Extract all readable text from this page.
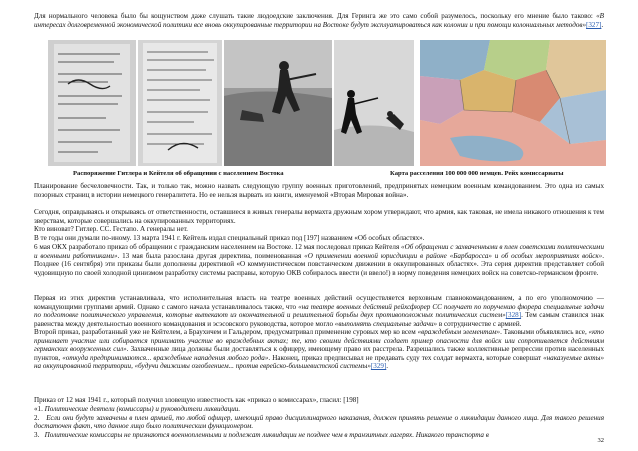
Для нормального человека было бы кощунством даже слушать такие людоедские заключения. Для Геринга же это само собой разумелось, поскольку его мнение было таково: «В интересах долговременной экономической политики все вновь оккупированные территории на Востоке будут эксплуатироваться как колонии и при помощи колониальных методов»[327].

Распоряжение Гитлера и Кейтеля об обращении с населением Востока	Карта расселения 100 000 000 немцев. Рейх комиссариаты

Планирование бесчеловечности. Так, и только так, можно назвать следующую группу военных приготовлений, предпринятых немецким военным командованием. Это одна из самых позорных страниц в истории немецкого генералитета. Но ее нельзя вырвать из книги, именуемой «Вторая Мировая война».

Сегодня, оправдываясь и открываясь от ответственности, оставшиеся в живых генералы вермахта дружным хором утверждают, что армия, как таковая, не имела никакого отношения к тем зверствам, которые совершались на оккупированных территориях.

Кто виноват? Гитлер. СС. Гестапо. А генералы нет.

В те годы они думали по-иному. 13 марта 1941 г. Кейтель издал специальный приказ под [197] названием «Об особых областях».

6 мая ОКХ разработало приказ об обращении с гражданским населением на Востоке. 12 мая последовал приказ Кейтеля «Об обращении с захваченными в плен советскими политическими и военными работниками». 13 мая была разослана другая директива, поименованная «О применении военной юрисдикции в районе «Барбаросса» и об особых мероприятиях войск». Позднее (16 сентября) эти приказы были дополнены директивой «О коммунистическом повстанческом движении в оккупированных областях». Эта серия директив представляет собой чудовищную по своей холодной цинизмом разработку системы расправы, которую ОКВ собиралось ввести (и ввело!) в норму поведения немецких войск на советско-германском фронте.

Первая из этих директив устанавливала, что исполнительная власть на театре военных действий осуществляется верховным главнокомандованием, а по его уполномочию — командующими группами армий. Однако с самого начала устанавливалось также, что «на театре военных действий рейхсфюрер СС получает по поручению фюрера специальные задачи по подготовке политического управления, которые вытекают из окончательной и решительной борьбы двух противоположных политических систем»[328]. Тем самым ставился знак равенства между деятельностью военного командования и эсэсовского руководства, которое могло «выполнять специальные задачи» в сотрудничестве с армией.

Второй приказ, разработанный уже не Кейтелем, а Браухичем и Гальдером, предусматривал применение суровых мер ко всем «враждебным элементам». Таковыми объявлялись все, «кто принимает участие или собирается принимать участие во враждебных актах; те, кто своими действиями создает пример опасности для войск или сопротивляется действиям германских вооруженных сил». Захваченные лица должны были доставляться к офицеру, имеющему право их расстрела. Разрешались также коллективные репрессии против населенных пунктов, «откуда предпринимаются... враждебные нападения любого рода». Наконец, приказ предписывал не предавать суду тех солдат вермахта, которые совершат «наказуемые акты» на оккупированной территории, «будучи движимы озлоблением... против еврейско-большевистской системы»[329].

Приказ от 12 мая 1941 г., который получил зловещую известность как «приказ о комиссарах», гласил: [198]

«1. Политические деятели (комиссары) и руководители ликвидации.
2. Если они будут захвачены в плен армией, то любой офицер, имеющий право дисциплинарного наказания, должен принять решение о ликвидации данного лица. Для такого решения достаточен факт, что данное лицо было политическим функционером.
3. Политические комиссары не признаются военнопленными и подлежат ликвидации не позднее чем в транзитных лагерях. Никакого транспорта в
32
